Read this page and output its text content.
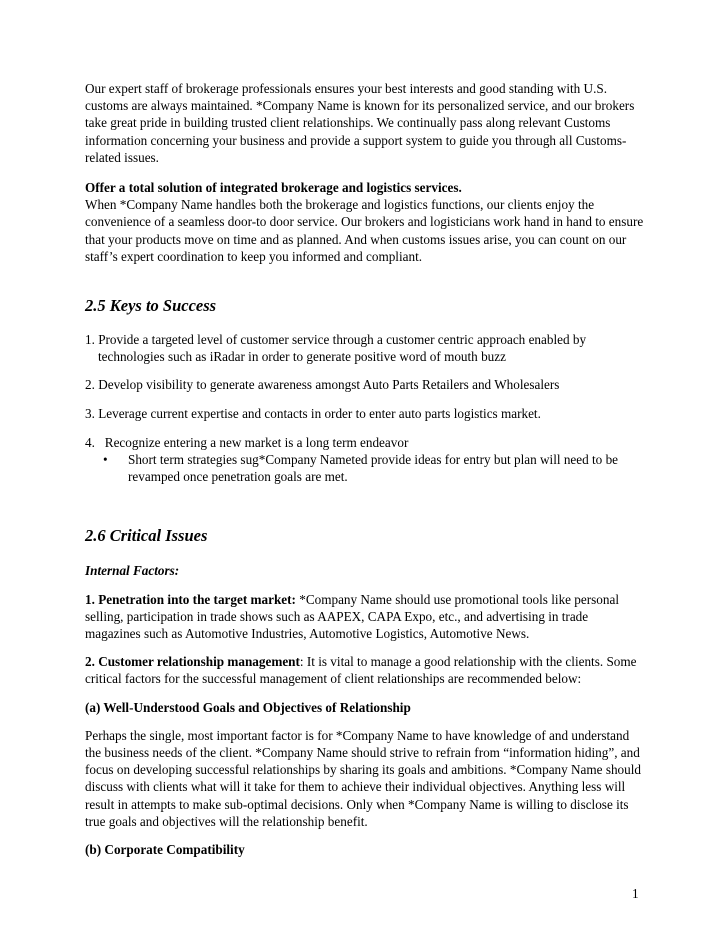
Our expert staff of brokerage professionals ensures your best interests and good standing with U.S. customs are always maintained. *Company Name is known for its personalized service, and our brokers take great pride in building trusted client relationships. We continually pass along relevant Customs information concerning your business and provide a support system to guide you through all Customs-related issues.

Offer a total solution of integrated brokerage and logistics services.

When *Company Name handles both the brokerage and logistics functions, our clients enjoy the convenience of a seamless door-to door service. Our brokers and logisticians work hand in hand to ensure that your products move on time and as planned. And when customs issues arise, you can count on our staff’s expert coordination to keep you informed and compliant.

2.5 Keys to Success

1. Provide a targeted level of customer service through a customer centric approach enabled by technologies such as iRadar in order to generate positive word of mouth buzz

2. Develop visibility to generate awareness amongst Auto Parts Retailers and Wholesalers

3. Leverage current expertise and contacts in order to enter auto parts logistics market.

4.   Recognize entering a new market is a long term endeavor

• Short term strategies sug*Company Nameted provide ideas for entry but plan will need to be revamped once penetration goals are met.

2.6 Critical Issues

Internal Factors:

1. Penetration into the target market: *Company Name should use promotional tools like personal selling, participation in trade shows such as AAPEX, CAPA Expo, etc., and advertising in trade magazines such as Automotive Industries, Automotive Logistics, Automotive News.

2. Customer relationship management: It is vital to manage a good relationship with the clients. Some critical factors for the successful management of client relationships are recommended below:

(a) Well-Understood Goals and Objectives of Relationship

Perhaps the single, most important factor is for *Company Name to have knowledge of and understand the business needs of the client. *Company Name should strive to refrain from “information hiding”, and focus on developing successful relationships by sharing its goals and ambitions. *Company Name should discuss with clients what will it take for them to achieve their individual objectives. Anything less will result in attempts to make sub-optimal decisions. Only when *Company Name is willing to disclose its true goals and objectives will the relationship benefit.

(b) Corporate Compatibility

1
